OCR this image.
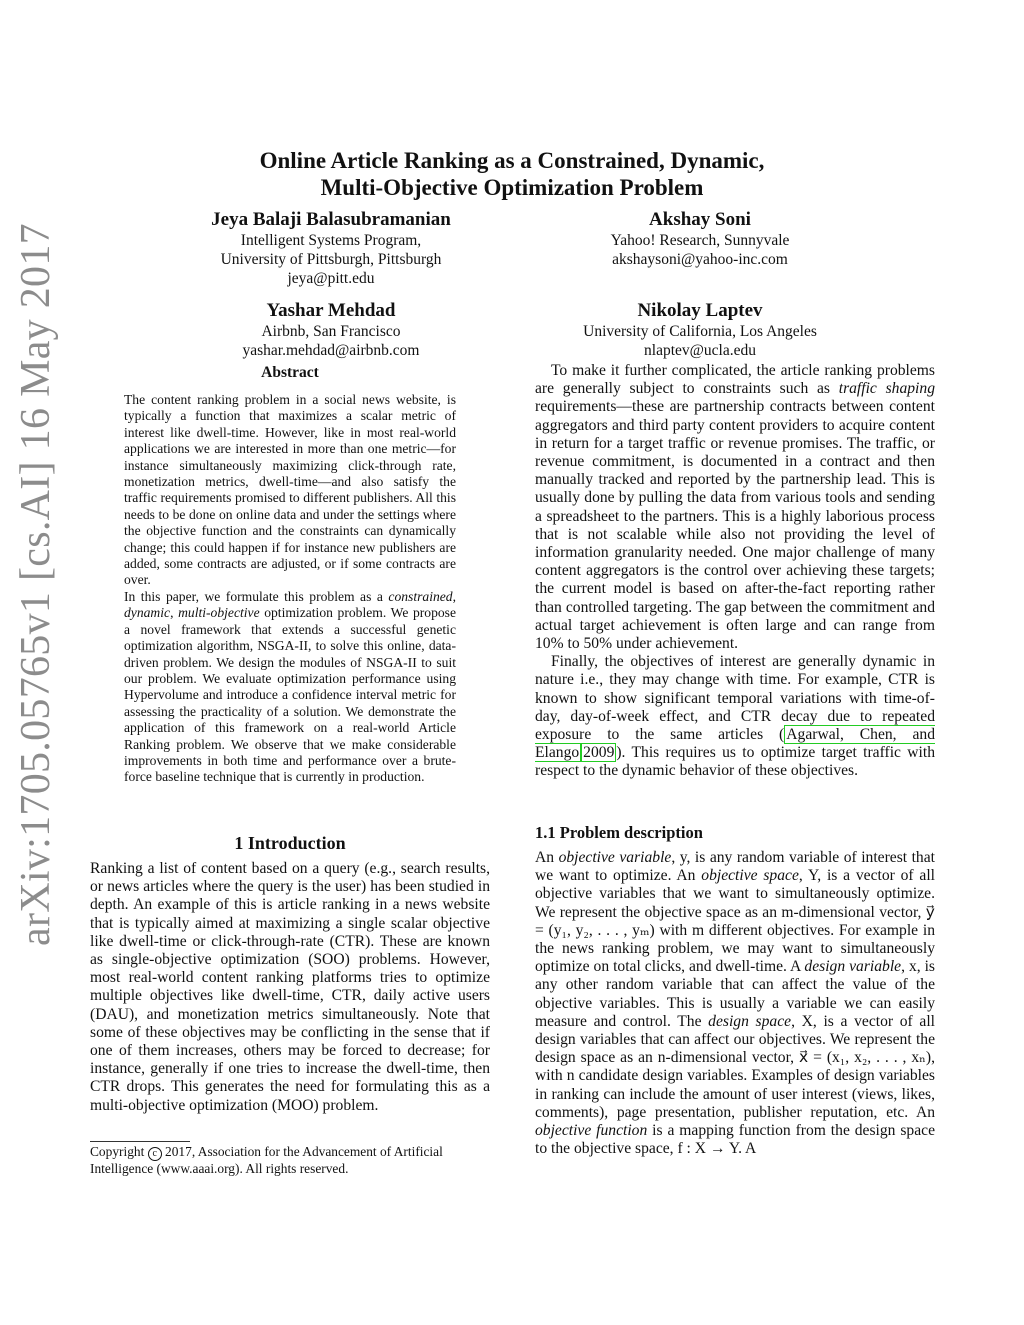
arXiv:1705.05765v1 [cs.AI] 16 May 2017
Online Article Ranking as a Constrained, Dynamic,
Multi-Objective Optimization Problem
Jeya Balaji Balasubramanian
Intelligent Systems Program,
University of Pittsburgh, Pittsburgh
jeya@pitt.edu
Akshay Soni
Yahoo! Research, Sunnyvale
akshaysoni@yahoo-inc.com
Yashar Mehdad
Airbnb, San Francisco
yashar.mehdad@airbnb.com
Nikolay Laptev
University of California, Los Angeles
nlaptev@ucla.edu
Abstract

The content ranking problem in a social news website, is typically a function that maximizes a scalar metric of interest like dwell-time. However, like in most real-world applications we are interested in more than one metric—for instance simultaneously maximizing click-through rate, monetization metrics, dwell-time—and also satisfy the traffic requirements promised to different publishers. All this needs to be done on online data and under the settings where the objective function and the constraints can dynamically change; this could happen if for instance new publishers are added, some contracts are adjusted, or if some contracts are over.

In this paper, we formulate this problem as a constrained, dynamic, multi-objective optimization problem. We propose a novel framework that extends a successful genetic optimization algorithm, NSGA-II, to solve this online, data-driven problem. We design the modules of NSGA-II to suit our problem. We evaluate optimization performance using Hypervolume and introduce a confidence interval metric for assessing the practicality of a solution. We demonstrate the application of this framework on a real-world Article Ranking problem. We observe that we make considerable improvements in both time and performance over a brute-force baseline technique that is currently in production.

1 Introduction

Ranking a list of content based on a query (e.g., search results, or news articles where the query is the user) has been studied in depth. An example of this is article ranking in a news website that is typically aimed at maximizing a single scalar objective like dwell-time or click-through-rate (CTR). These are known as single-objective optimization (SOO) problems. However, most real-world content ranking platforms tries to optimize multiple objectives like dwell-time, CTR, daily active users (DAU), and monetization metrics simultaneously. Note that some of these objectives may be conflicting in the sense that if one of them increases, others may be forced to decrease; for instance, generally if one tries to increase the dwell-time, then CTR drops. This generates the need for formulating this as a multi-objective optimization (MOO) problem.

Copyright c 2017, Association for the Advancement of Artificial Intelligence (www.aaai.org). All rights reserved.

To make it further complicated, the article ranking problems are generally subject to constraints such as traffic shaping requirements—these are partnership contracts between content aggregators and third party content providers to acquire content in return for a target traffic or revenue promises. The traffic, or revenue commitment, is documented in a contract and then manually tracked and reported by the partnership lead. This is usually done by pulling the data from various tools and sending a spreadsheet to the partners. This is a highly laborious process that is not scalable while also not providing the level of information granularity needed. One major challenge of many content aggregators is the control over achieving these targets; the current model is based on after-the-fact reporting rather than controlled targeting. The gap between the commitment and actual target achievement is often large and can range from 10% to 50% under achievement.

Finally, the objectives of interest are generally dynamic in nature i.e., they may change with time. For example, CTR is known to show significant temporal variations with time-of-day, day-of-week effect, and CTR decay due to repeated exposure to the same articles ( Agarwal, Chen, and Elango 2009 ). This requires us to optimize target traffic with respect to the dynamic behavior of these objectives.

1.1 Problem description

An objective variable, y, is any random variable of interest that we want to optimize. An objective space, Y, is a vector of all objective variables that we want to simultaneously optimize. We represent the objective space as an m-dimensional vector, y⃗ = (y₁, y₂, . . . , yₘ) with m different objectives. For example in the news ranking problem, we may want to simultaneously optimize on total clicks, and dwell-time. A design variable, x, is any other random variable that can affect the value of the objective variables. This is usually a variable we can easily measure and control. The design space, X, is a vector of all design variables that can affect our objectives. We represent the design space as an n-dimensional vector, x⃗ = (x₁, x₂, . . . , xₙ), with n candidate design variables. Examples of design variables in ranking can include the amount of user interest (views, likes, comments), page presentation, publisher reputation, etc. An objective function is a mapping function from the design space to the objective space, f : X → Y. A
